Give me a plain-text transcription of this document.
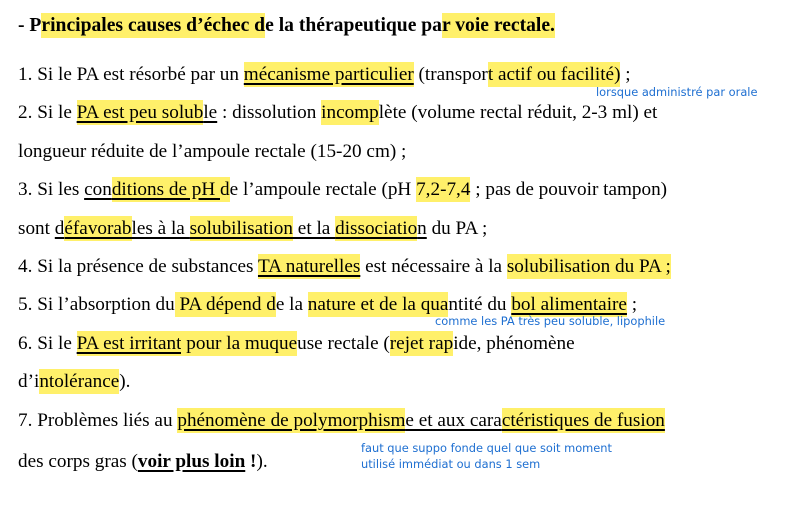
- Principales causes d’échec de la thérapeutique par voie rectale.
1. Si le PA est résorbé par un mécanisme particulier (transport actif ou facilité) ;
lorsque administré par orale
2. Si le PA est peu soluble : dissolution incomplète (volume rectal réduit, 2-3 ml) et
longueur réduite de l’ampoule rectale (15-20 cm) ;
3. Si les conditions de pH de l’ampoule rectale (pH 7,2-7,4 ; pas de pouvoir tampon)
sont défavorables à la solubilisation et la dissociation du PA ;
4. Si la présence de substances TA naturelles est nécessaire à la solubilisation du PA ;
5. Si l’absorption du PA dépend de la nature et de la quantité du bol alimentaire ;
comme les PA très peu soluble, lipophile
6. Si le PA est irritant pour la muqueuse rectale (rejet rapide, phénomène
d’intolérance).
7. Problèmes liés au phénomène de polymorphisme et aux caractéristiques de fusion
des corps gras (voir plus loin !).
faut que suppo fonde quel que soit moment
utilisé immédiat ou dans 1 sem
